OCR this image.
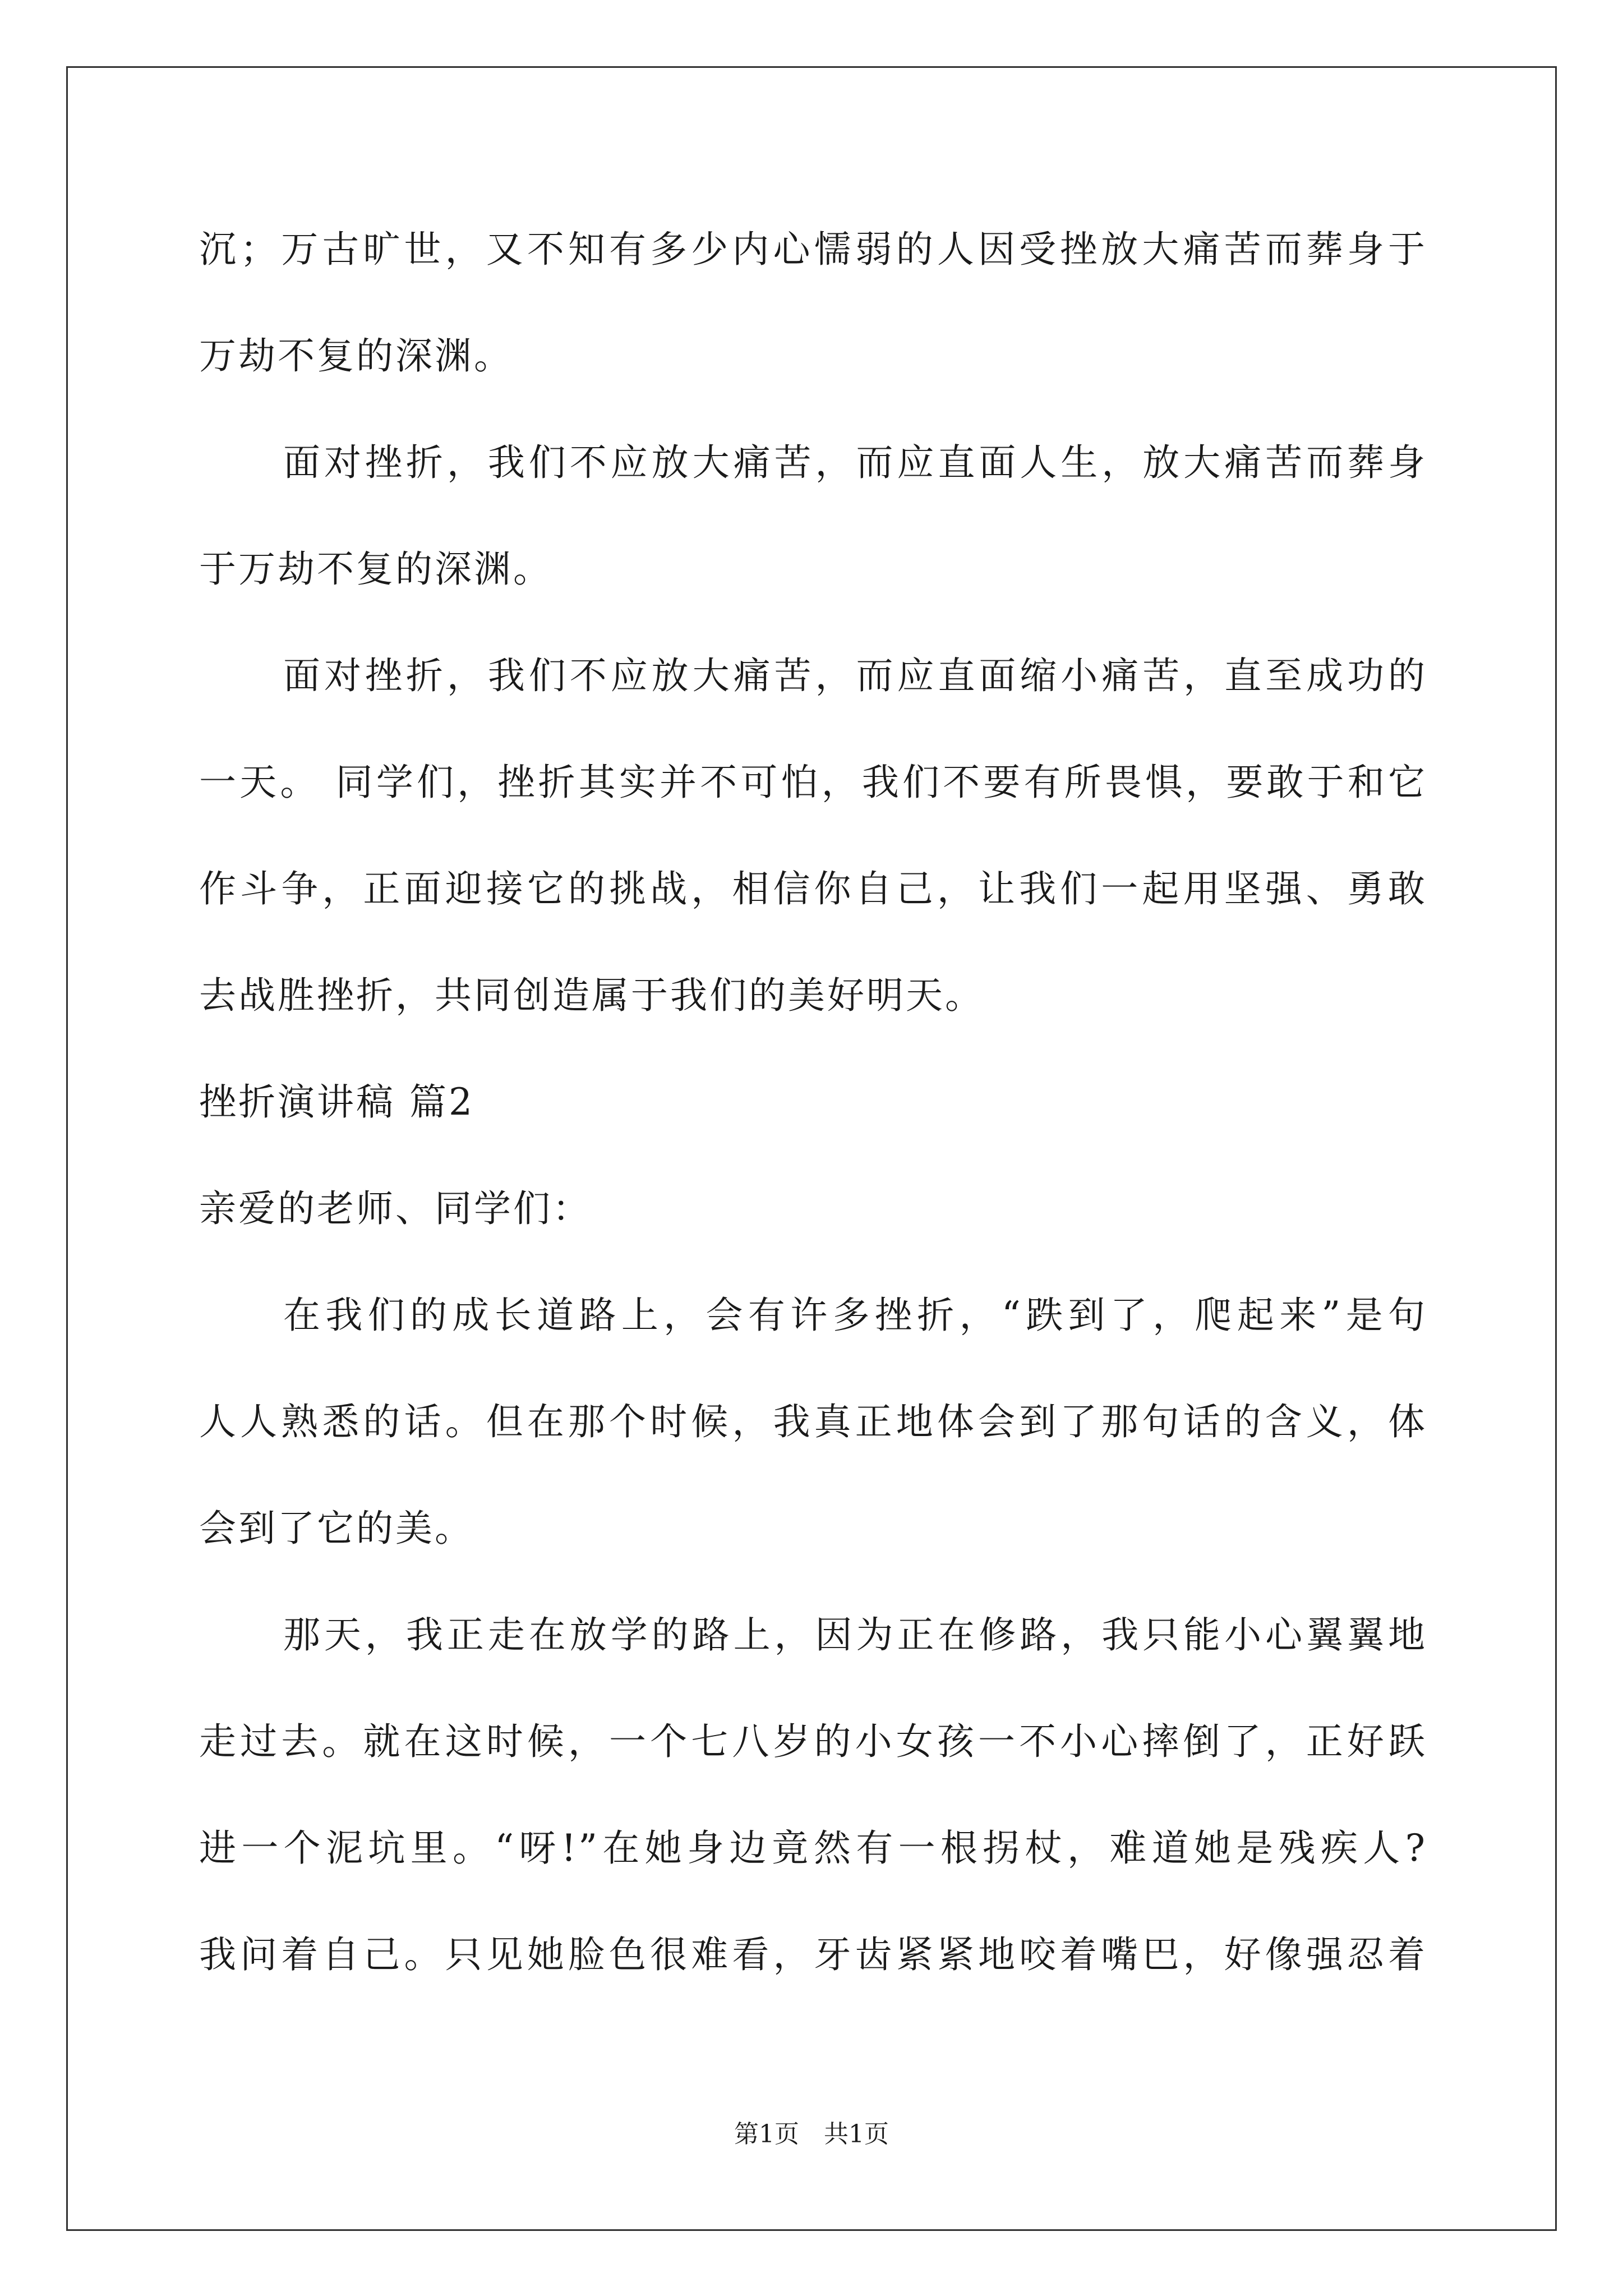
沉；万古旷世，又不知有多少内心懦弱的人因受挫放大痛苦而葬身于
万劫不复的深渊。
面对挫折，我们不应放大痛苦，而应直面人生，放大痛苦而葬身
于万劫不复的深渊。
面对挫折，我们不应放大痛苦，而应直面缩小痛苦，直至成功的
一天。 同学们，挫折其实并不可怕，我们不要有所畏惧，要敢于和它
作斗争，正面迎接它的挑战，相信你自己，让我们一起用坚强、勇敢
去战胜挫折，共同创造属于我们的美好明天。
挫折演讲稿 篇2
亲爱的老师、同学们：
在我们的成长道路上，会有许多挫折，“跌到了，爬起来”是句
人人熟悉的话。但在那个时候，我真正地体会到了那句话的含义，体
会到了它的美。
那天，我正走在放学的路上，因为正在修路，我只能小心翼翼地
走过去。就在这时候，一个七八岁的小女孩一不小心摔倒了，正好跃
进一个泥坑里。“呀!”在她身边竟然有一根拐杖，难道她是残疾人?
我问着自己。只见她脸色很难看，牙齿紧紧地咬着嘴巴，好像强忍着
第1页　共1页
